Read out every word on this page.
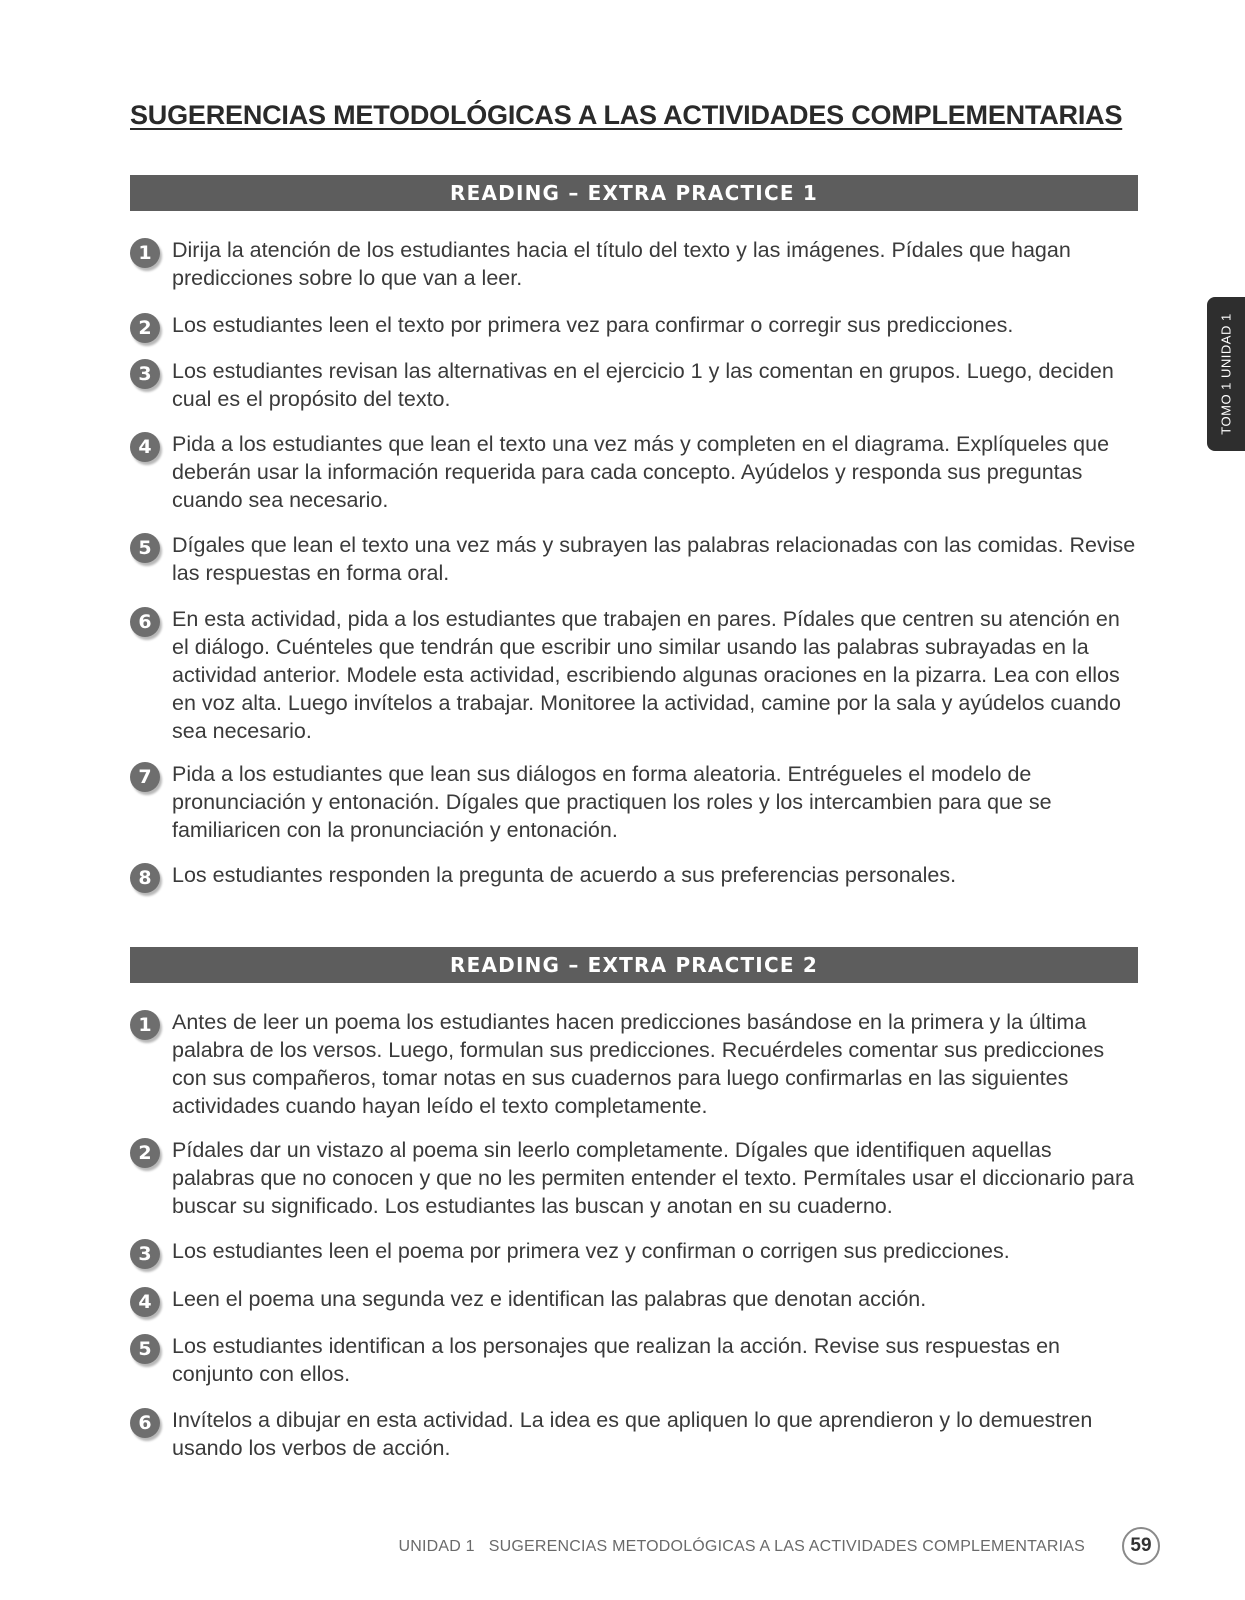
SUGERENCIAS METODOLÓGICAS A LAS ACTIVIDADES COMPLEMENTARIAS
TOMO 1 UNIDAD 1
READING – EXTRA PRACTICE 1
1 Dirija la atención de los estudiantes hacia el título del texto y las imágenes. Pídales que hagan predicciones sobre lo que van a leer.
2 Los estudiantes leen el texto por primera vez para confirmar o corregir sus predicciones.
3 Los estudiantes revisan las alternativas en el ejercicio 1 y las comentan en grupos. Luego, deciden cual es el propósito del texto.
4 Pida a los estudiantes que lean el texto una vez más y completen en el diagrama. Explíqueles que deberán usar la información requerida para cada concepto. Ayúdelos y responda sus preguntas cuando sea necesario.
5 Dígales que lean el texto una vez más y subrayen las palabras relacionadas con las comidas. Revise las respuestas en forma oral.
6 En esta actividad, pida a los estudiantes que trabajen en pares. Pídales que centren su atención en el diálogo. Cuénteles que tendrán que escribir uno similar usando las palabras subrayadas en la actividad anterior. Modele esta actividad, escribiendo algunas oraciones en la pizarra. Lea con ellos en voz alta. Luego invítelos a trabajar. Monitoree la actividad, camine por la sala y ayúdelos cuando sea necesario.
7 Pida a los estudiantes que lean sus diálogos en forma aleatoria. Entrégueles el modelo de pronunciación y entonación. Dígales que practiquen los roles y los intercambien para que se familiaricen con la pronunciación y entonación.
8 Los estudiantes responden la pregunta de acuerdo a sus preferencias personales.
READING – EXTRA PRACTICE 2
1 Antes de leer un poema los estudiantes hacen predicciones basándose en la primera y la última palabra de los versos. Luego, formulan sus predicciones. Recuérdeles comentar sus predicciones con sus compañeros, tomar notas en sus cuadernos para luego confirmarlas en las siguientes actividades cuando hayan leído el texto completamente.
2 Pídales dar un vistazo al poema sin leerlo completamente. Dígales que identifiquen aquellas palabras que no conocen y que no les permiten entender el texto. Permítales usar el diccionario para buscar su significado. Los estudiantes las buscan y anotan en su cuaderno.
3 Los estudiantes leen el poema por primera vez y confirman o corrigen sus predicciones.
4 Leen el poema una segunda vez e identifican las palabras que denotan acción.
5 Los estudiantes identifican a los personajes que realizan la acción. Revise sus respuestas en conjunto con ellos.
6 Invítelos a dibujar en esta actividad. La idea es que apliquen lo que aprendieron y lo demuestren usando los verbos de acción.
UNIDAD 1 SUGERENCIAS METODOLÓGICAS A LAS ACTIVIDADES COMPLEMENTARIAS	59
